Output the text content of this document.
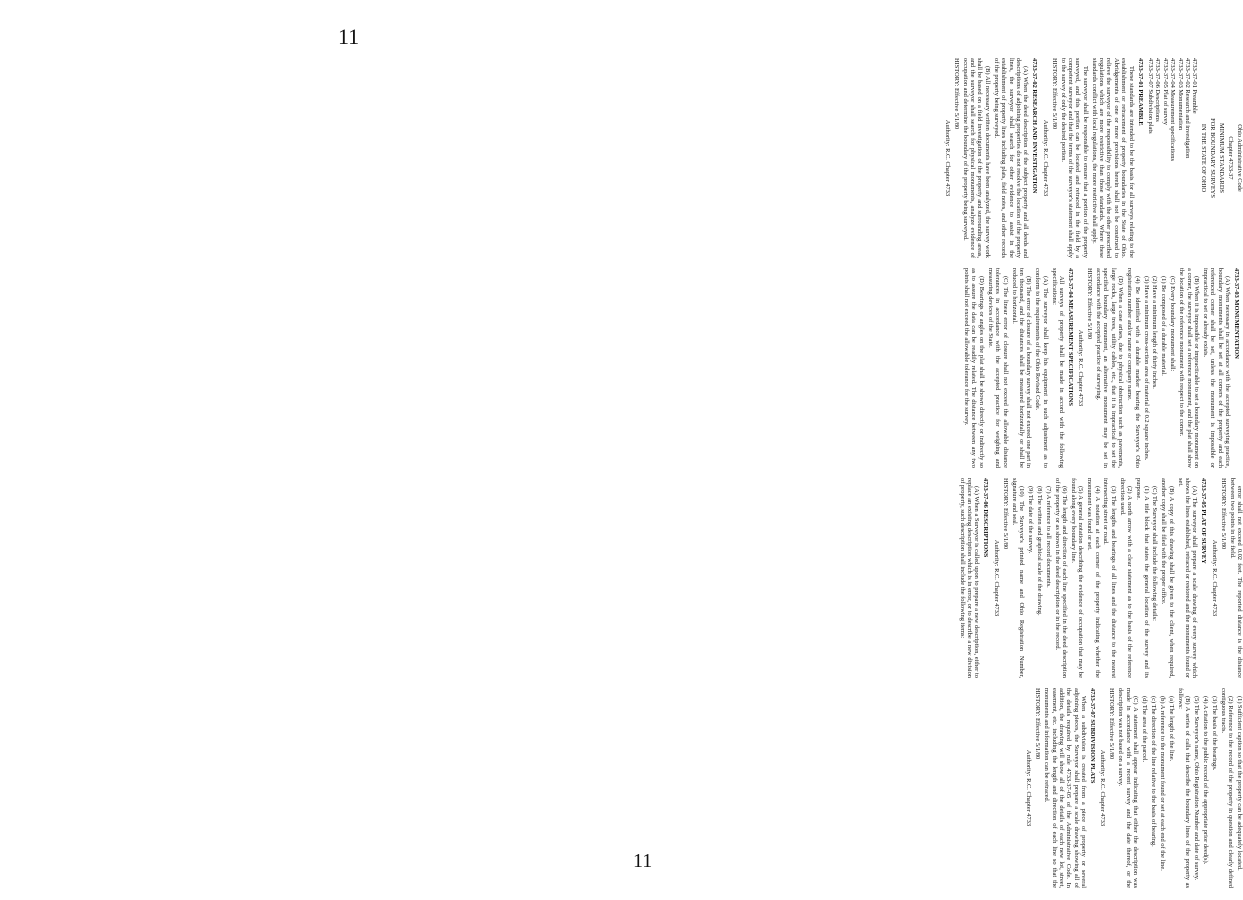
11

Ohio Administrative Code

Chapter 4733-37

MINIMUM STANDARDS

FOR BOUNDARY SURVEYS

IN THE STATE OF OHIO

4733-37-01 Preamble

4733-37-02 Research and investigation

4733-37-03 Monumentation

4733-37-04 Measurement specifications

4733-37-05 Plat of survey

4733-37-06 Descriptions

4733-37-07 Subdivision plats

4733-37-01 PREAMBLE

These standards are intended to be the basis for all surveys relating to the establishment or retracement of property boundaries in the State of Ohio. Abridgements of one or more provisions herein shall not be construed to relieve the surveyor of the responsibility to comply with the other prescribed regulations which are more restrictive than those standards. Where these standards conflict with local regulations, the more restrictive shall apply.

The surveyor shall be responsible to ensure that a portion of the property surveyed, and this portion can be located and retraced in the field by a competent surveyor and that the terms of the surveyor's statement shall apply to the survey of only the desired portion.

HISTORY: Effective 5/1/80

Authority: R.C. Chapter 4733

4733-37-02 RESEARCH AND INVESTIGATION

(A) When the deed description of the subject property and all deeds and descriptions of adjoining properties do not resolve the location of the property lines, the surveyor shall search for other evidence to assist in the establishment of property lines including plats, field notes, and other records of the property being surveyed.

(B) All necessary written documents have been analyzed, the survey work shall be based on a field investigation of the property and surrounding areas, and the surveyor shall search for physical monuments, analyze evidence of occupation and determine the boundary of the property being surveyed.

HISTORY: Effective 5/1/80

Authority: R.C. Chapter 4733

4733-37-03 MONUMENTATION

(A) When necessary in accordance with the accepted surveying practice, boundary monuments shall be set at all corners of the property and each referenced corner shall be set, unless the monument is impossible or impractical to set or already exists.

(B) When it is impossible or impracticable to set a boundary monument on a corner, the surveyor shall set a reference monument, and the plat shall show the location of the reference monument with respect to the corner.

(C) Every boundary monument shall:

(1) Be composed of a durable material.

(2) Have a minimum length of thirty inches.

(3) Have a minimum cross-section area of material of 0.2 square inches.

(4) Be identified with a durable marker bearing the Surveyor's Ohio registration number and/or name or company name.

(D) When a case arises, due to physical obstruction such as pavements, large rocks, large trees, utility cables, etc., that it is impractical to set the specified boundary monument, an alternative monument may be set in accordance with the accepted practice of surveying.

HISTORY: Effective 5/1/80

Authority: R.C. Chapter 4733

4733-37-04 MEASUREMENT SPECIFICATIONS

All surveys of property shall be made in accord with the following specifications:

(A) The surveyor shall keep his equipment in such adjustment as to conform to the requirements of the Ohio Revised Code.

(B) The error of closure of a boundary survey shall not exceed one part in ten thousand, and the distances shall be measured horizontally or shall be reduced to horizontal.

(C) The linear error of closure shall not exceed the allowable distance tolerances in accordance with the accepted practice for weighing and measuring devices of the State.

(D) Bearings or angles on the plat shall be shown directly or indirectly so as to assure the data can be readily related. The distance between any two points shall not exceed the allowable tolerance for the survey.

error shall not exceed 0.02 feet. The reported distance is the distance between two points in the field.

HISTORY: Effective 5/1/80

Authority: R.C. Chapter 4733

4733-37-05 PLAT OF SURVEY

(A) The surveyor shall prepare a scale drawing of every survey which shows the lines established, retraced or restored and the monuments found or set.

(B) A copy of this drawing shall be given to the client, when required, another copy shall be filed with the proper office.

(C) The Surveyor shall include the following details:

(1) A title block that states the general location of the survey and its purpose.

(2) A north arrow with a clear statement as to the basis of the reference direction used.

(3) The lengths and bearings of all lines and the distance to the nearest intersecting street or road.

(4) A notation at each corner of the property indicating whether the monument was found or set.

(5) A general notation describing the evidence of occupation that may be found along every boundary line.

(6) The length and direction of each line specified in the deed description of the property or as shown in the deed description or in the record.

(7) A reference to all record documents.

(8) The written and graphical scale of the drawing.

(9) The date of the survey.

(10) The Surveyor's printed name and Ohio Registration Number, signature and seal.

HISTORY: Effective 5/1/80

Authority: R.C. Chapter 4733

4733-37-06 DESCRIPTIONS

(A) When a Surveyor is called upon to prepare a new description, either to replace an existing description which is in error, or to describe a new division of property, such description shall include the following items:

(1) Sufficient caption so that the property can be adequately located.

(2) Reference to the record of the property in question and clearly defined contiguous tracts.

(3) The basis of the bearings.

(4) A citation to the public record of the appropriate prior deed(s).

(5) The Surveyor's name, Ohio Registration Number and date of survey.

(B) A series of calls that describe the boundary lines of the property as follows:

(a) The length of the line.

(b) A reference to the monument found or set at each end of the line.

(c) The direction of the line relative to the basis of bearing.

(d) The area of the parcel.

(C) A statement shall appear indicating that either the description was made in accordance with a recent survey and the date thereof, or the description was not based on a survey.

HISTORY: Effective 5/1/80

Authority: R.C. Chapter 4733

4733-37-07 SUBDIVISION PLATS

When a subdivision is created from a piece of property or several adjoining pieces, the Surveyor shall prepare a scale drawing showing all of the details required by rule 4733-37-05 of the Administrative Code. In addition, the drawing will show all of the details of each new lot, street, easement, etc. including the length and direction of each line so that the monuments and information can be retraced.

HISTORY: Effective 5/1/80

Authority: R.C. Chapter 4733

11
